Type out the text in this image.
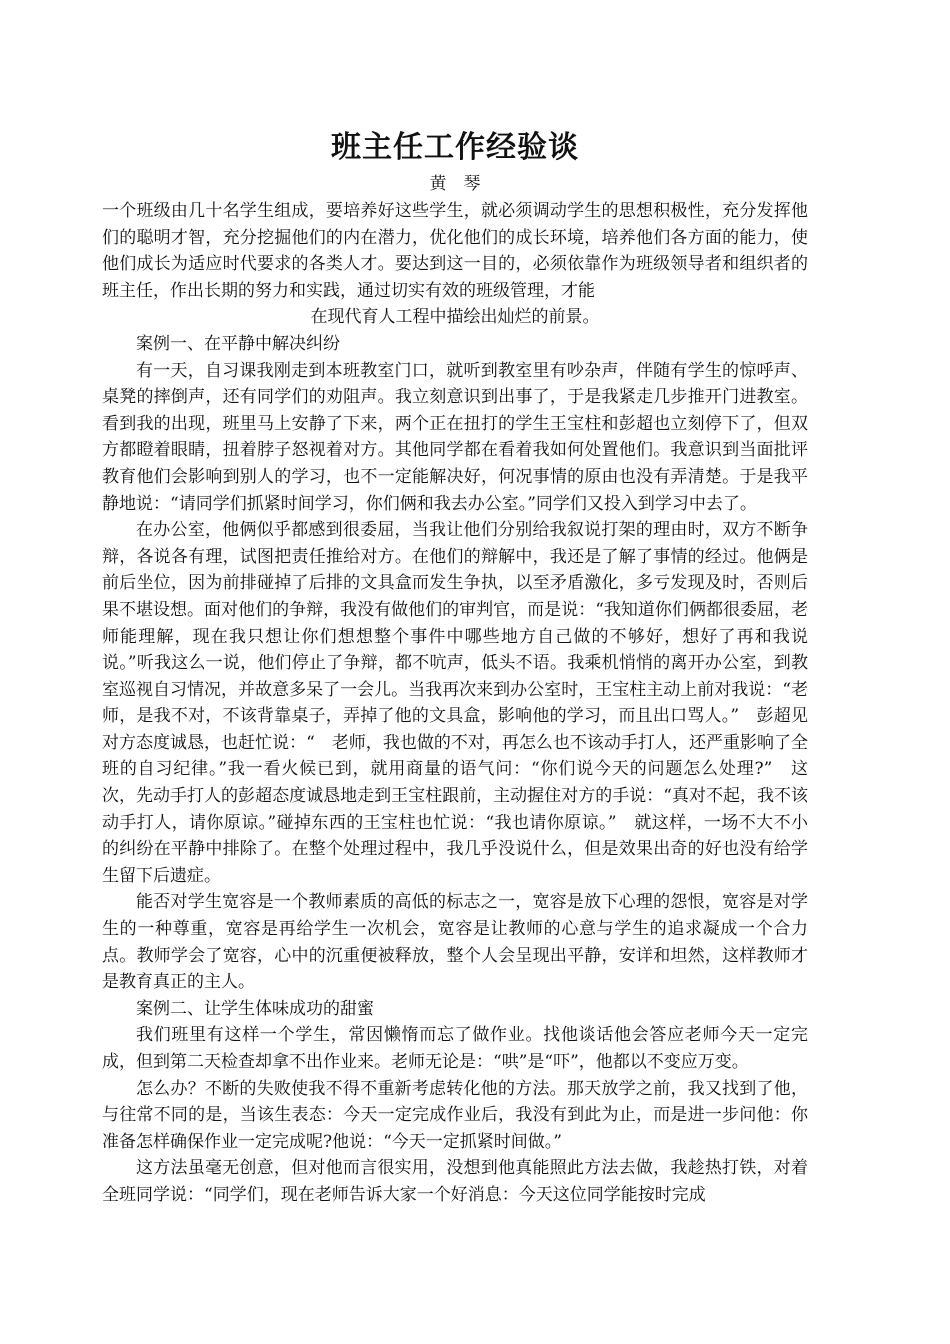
班主任工作经验谈
黄　琴

一个班级由几十名学生组成，要培养好这些学生，就必须调动学生的思想积极性，充分发挥他们的聪明才智，充分挖掘他们的内在潜力，优化他们的成长环境，培养他们各方面的能力，使他们成长为适应时代要求的各类人才。要达到这一目的，必须依靠作为班级领导者和组织者的班主任，作出长期的努力和实践，通过切实有效的班级管理，才能

在现代育人工程中描绘出灿烂的前景。

案例一、在平静中解决纠纷

有一天，自习课我刚走到本班教室门口，就听到教室里有吵杂声，伴随有学生的惊呼声、桌凳的摔倒声，还有同学们的劝阻声。我立刻意识到出事了，于是我紧走几步推开门进教室。看到我的出现，班里马上安静了下来，两个正在扭打的学生王宝柱和彭超也立刻停下了，但双方都瞪着眼睛，扭着脖子怒视着对方。其他同学都在看着我如何处置他们。我意识到当面批评教育他们会影响到别人的学习，也不一定能解决好，何况事情的原由也没有弄清楚。于是我平静地说：“请同学们抓紧时间学习，你们俩和我去办公室。”同学们又投入到学习中去了。

在办公室，他俩似乎都感到很委屈，当我让他们分别给我叙说打架的理由时，双方不断争辩，各说各有理，试图把责任推给对方。在他们的辩解中，我还是了解了事情的经过。他俩是前后坐位，因为前排碰掉了后排的文具盒而发生争执，以至矛盾激化，多亏发现及时，否则后果不堪设想。面对他们的争辩，我没有做他们的审判官，而是说：“我知道你们俩都很委屈，老师能理解，现在我只想让你们想想整个事件中哪些地方自己做的不够好，想好了再和我说说。”听我这么一说，他们停止了争辩，都不吭声，低头不语。我乘机悄悄的离开办公室，到教室巡视自习情况，并故意多呆了一会儿。当我再次来到办公室时，王宝柱主动上前对我说：“老师，是我不对，不该背靠桌子，弄掉了他的文具盒，影响他的学习，而且出口骂人。”　彭超见对方态度诚恳，也赶忙说：“　老师，我也做的不对，再怎么也不该动手打人，还严重影响了全班的自习纪律。”我一看火候已到，就用商量的语气问：“你们说今天的问题怎么处理?”　这次，先动手打人的彭超态度诚恳地走到王宝柱跟前，主动握住对方的手说：“真对不起，我不该动手打人，请你原谅。”碰掉东西的王宝柱也忙说：“我也请你原谅。”　就这样，一场不大不小的纠纷在平静中排除了。在整个处理过程中，我几乎没说什么，但是效果出奇的好也没有给学生留下后遗症。

能否对学生宽容是一个教师素质的高低的标志之一，宽容是放下心理的怨恨，宽容是对学生的一种尊重，宽容是再给学生一次机会，宽容是让教师的心意与学生的追求凝成一个合力点。教师学会了宽容，心中的沉重便被释放，整个人会呈现出平静，安详和坦然，这样教师才是教育真正的主人。

案例二、让学生体味成功的甜蜜

我们班里有这样一个学生，常因懒惰而忘了做作业。找他谈话他会答应老师今天一定完成，但到第二天检查却拿不出作业来。老师无论是：“哄”是“吓”，他都以不变应万变。

怎么办？不断的失败使我不得不重新考虑转化他的方法。那天放学之前，我又找到了他，与往常不同的是，当该生表态：今天一定完成作业后，我没有到此为止，而是进一步问他：你准备怎样确保作业一定完成呢?他说：“今天一定抓紧时间做。”

这方法虽毫无创意，但对他而言很实用，没想到他真能照此方法去做，我趁热打铁，对着全班同学说：“同学们，现在老师告诉大家一个好消息：今天这位同学能按时完成
